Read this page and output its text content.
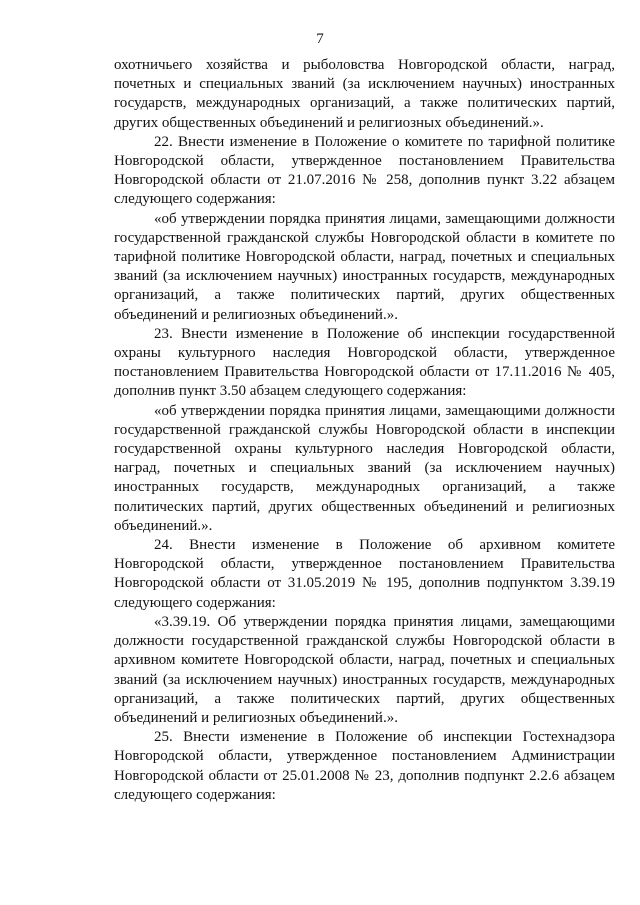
7

охотничьего хозяйства и рыболовства Новгородской области, наград, почетных и специальных званий (за исключением научных) иностранных государств, международных организаций, а также политических партий, других общественных объединений и религиозных объединений.».

22. Внести изменение в Положение о комитете по тарифной политике Новгородской области, утвержденное постановлением Правительства Новгородской области от 21.07.2016 № 258, дополнив пункт 3.22 абзацем следующего содержания:

«об утверждении порядка принятия лицами, замещающими должности государственной гражданской службы Новгородской области в комитете по тарифной политике Новгородской области, наград, почетных и специальных званий (за исключением научных) иностранных государств, международных организаций, а также политических партий, других общественных объединений и религиозных объединений.».

23. Внести изменение в Положение об инспекции государственной охраны культурного наследия Новгородской области, утвержденное постановлением Правительства Новгородской области от 17.11.2016 № 405, дополнив пункт 3.50 абзацем следующего содержания:

«об утверждении порядка принятия лицами, замещающими должности государственной гражданской службы Новгородской области в инспекции государственной охраны культурного наследия Новгородской области, наград, почетных и специальных званий (за исключением научных) иностранных государств, международных организаций, а также политических партий, других общественных объединений и религиозных объединений.».

24. Внести изменение в Положение об архивном комитете Новгородской области, утвержденное постановлением Правительства Новгородской области от 31.05.2019 № 195, дополнив подпунктом 3.39.19 следующего содержания:

«3.39.19. Об утверждении порядка принятия лицами, замещающими должности государственной гражданской службы Новгородской области в архивном комитете Новгородской области, наград, почетных и специальных званий (за исключением научных) иностранных государств, международных организаций, а также политических партий, других общественных объединений и религиозных объединений.».

25. Внести изменение в Положение об инспекции Гостехнадзора Новгородской области, утвержденное постановлением Администрации Новгородской области от 25.01.2008 № 23, дополнив подпункт 2.2.6 абзацем следующего содержания:
